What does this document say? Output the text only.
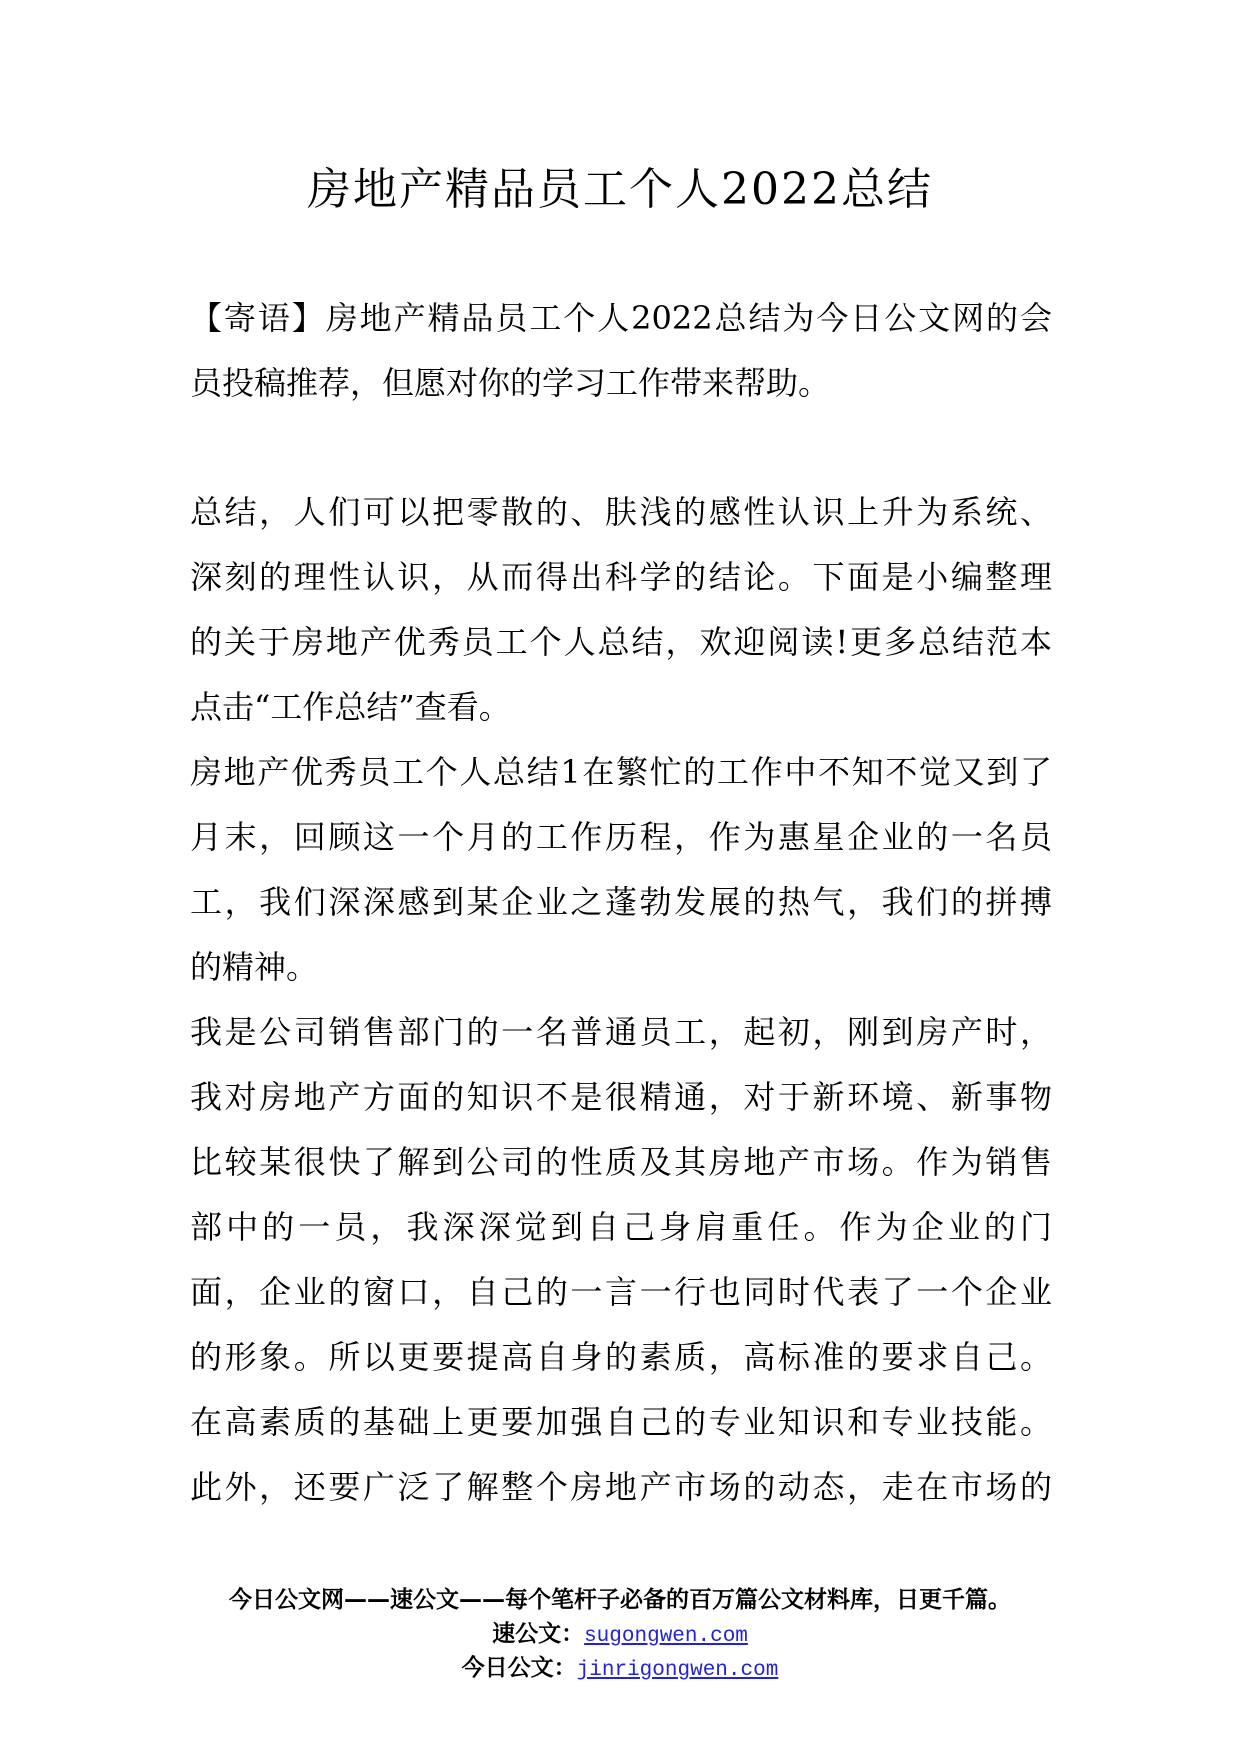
房地产精品员工个人2022总结
【寄语】房地产精品员工个人2022总结为今日公文网的会
员投稿推荐，但愿对你的学习工作带来帮助。
总结，人们可以把零散的、肤浅的感性认识上升为系统、
深刻的理性认识，从而得出科学的结论。下面是小编整理
的关于房地产优秀员工个人总结，欢迎阅读!更多总结范本
点击“工作总结”查看。
房地产优秀员工个人总结1在繁忙的工作中不知不觉又到了
月末，回顾这一个月的工作历程，作为惠星企业的一名员
工，我们深深感到某企业之蓬勃发展的热气，我们的拼搏
的精神。
我是公司销售部门的一名普通员工，起初，刚到房产时，
我对房地产方面的知识不是很精通，对于新环境、新事物
比较某很快了解到公司的性质及其房地产市场。作为销售
部中的一员，我深深觉到自己身肩重任。作为企业的门
面，企业的窗口，自己的一言一行也同时代表了一个企业
的形象。所以更要提高自身的素质，高标准的要求自己。
在高素质的基础上更要加强自己的专业知识和专业技能。
此外，还要广泛了解整个房地产市场的动态，走在市场的
今日公文网——速公文——每个笔杆子必备的百万篇公文材料库，日更千篇。
速公文：sugongwen.com
今日公文：jinrigongwen.com
